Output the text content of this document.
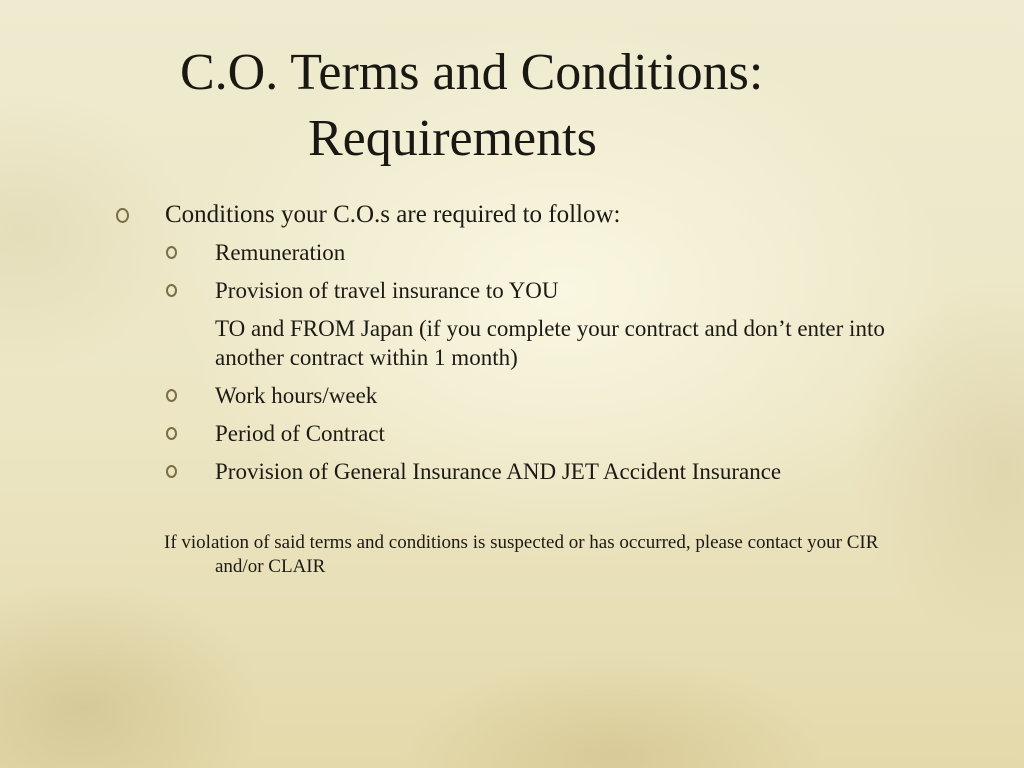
C.O. Terms and Conditions:
Requirements
Conditions your C.O.s are required to follow:
Remuneration
Provision of travel insurance to YOU
TO and FROM Japan (if you complete your contract and don’t enter into another contract within 1 month)
Work hours/week
Period of Contract
Provision of General Insurance AND JET Accident Insurance

If violation of said terms and conditions is suspected or has occurred, please contact your CIR and/or CLAIR
